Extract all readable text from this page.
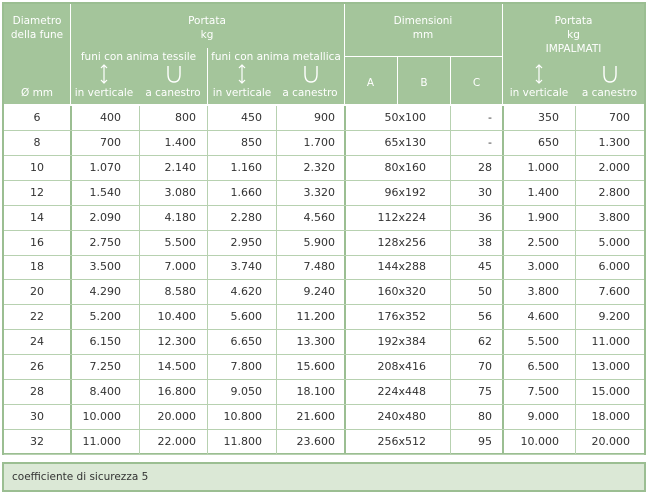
Diametro
della fune
Ø mm
Portata
kg
funi con anima tessile	funi con anima metallica
Dimensioni
mm
A	B	C
Portata
kg
IMPALMATI
in verticale	a canestro	in verticale	a canestro	in verticale	a canestro
6	400	800	450	900	50x100	-	350	700
8	700	1.400	850	1.700	65x130	-	650	1.300
10	1.070	2.140	1.160	2.320	80x160	28	1.000	2.000
12	1.540	3.080	1.660	3.320	96x192	30	1.400	2.800
14	2.090	4.180	2.280	4.560	112x224	36	1.900	3.800
16	2.750	5.500	2.950	5.900	128x256	38	2.500	5.000
18	3.500	7.000	3.740	7.480	144x288	45	3.000	6.000
20	4.290	8.580	4.620	9.240	160x320	50	3.800	7.600
22	5.200	10.400	5.600	11.200	176x352	56	4.600	9.200
24	6.150	12.300	6.650	13.300	192x384	62	5.500	11.000
26	7.250	14.500	7.800	15.600	208x416	70	6.500	13.000
28	8.400	16.800	9.050	18.100	224x448	75	7.500	15.000
30	10.000	20.000	10.800	21.600	240x480	80	9.000	18.000
32	11.000	22.000	11.800	23.600	256x512	95	10.000	20.000
coefficiente di sicurezza 5
